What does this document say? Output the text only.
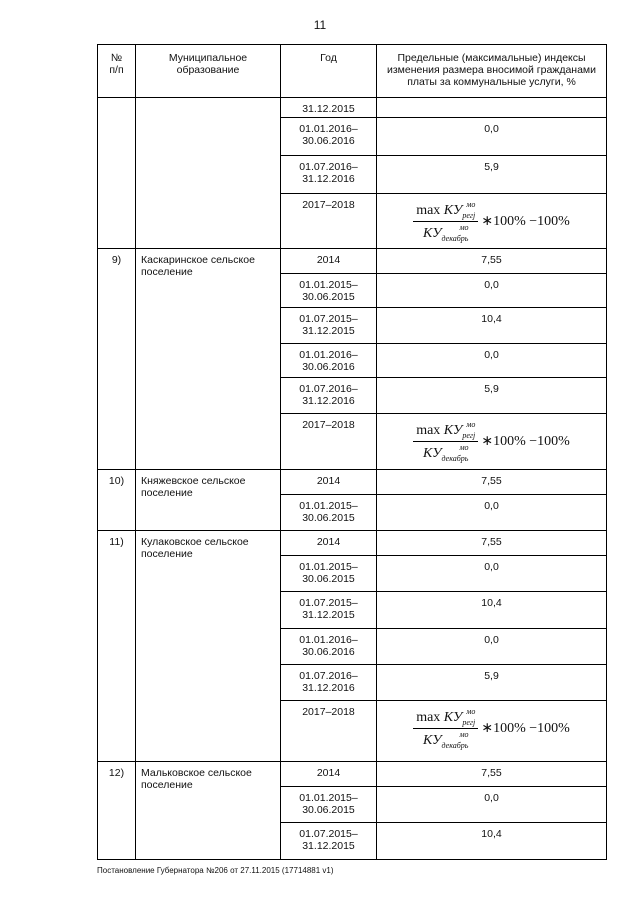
11
№ п/п	Муниципальное образование	Год	Предельные (максимальные) индексы изменения размера вносимой гражданами платы за коммунальные услуги, %
		31.12.2015	
		01.01.2016–30.06.2016	0,0
		01.07.2016–31.12.2016	5,9
		2017–2018	$\frac{\text{max КУрегjмо}}{\text{КУдекабрьмо}}$ ∗100% −100%

9)	Каскаринское сельское поселение	2014	7,55
		01.01.2015–30.06.2015	0,0
		01.07.2015–31.12.2015	10,4
		01.01.2016–30.06.2016	0,0
		01.07.2016–31.12.2016	5,9
		2017–2018	$\frac{\text{max КУрегjмо}}{\text{КУдекабрьмо}}$ ∗100% −100%

10)	Княжевское сельское поселение	2014	7,55
		01.01.2015–30.06.2015	0,0
11)	Кулаковское сельское поселение	2014	7,55
		01.01.2015–30.06.2015	0,0
		01.07.2015–31.12.2015	10,4
		01.01.2016–30.06.2016	0,0
		01.07.2016–31.12.2016	5,9
		2017–2018	$\frac{\text{max КУрегjмо}}{\text{КУдекабрьмо}}$ ∗100% −100%

12)	Мальковское сельское поселение	2014	7,55
		01.01.2015–30.06.2015	0,0
		01.07.2015–31.12.2015	10,4
Постановление Губернатора №206 от 27.11.2015 (17714881 v1)
